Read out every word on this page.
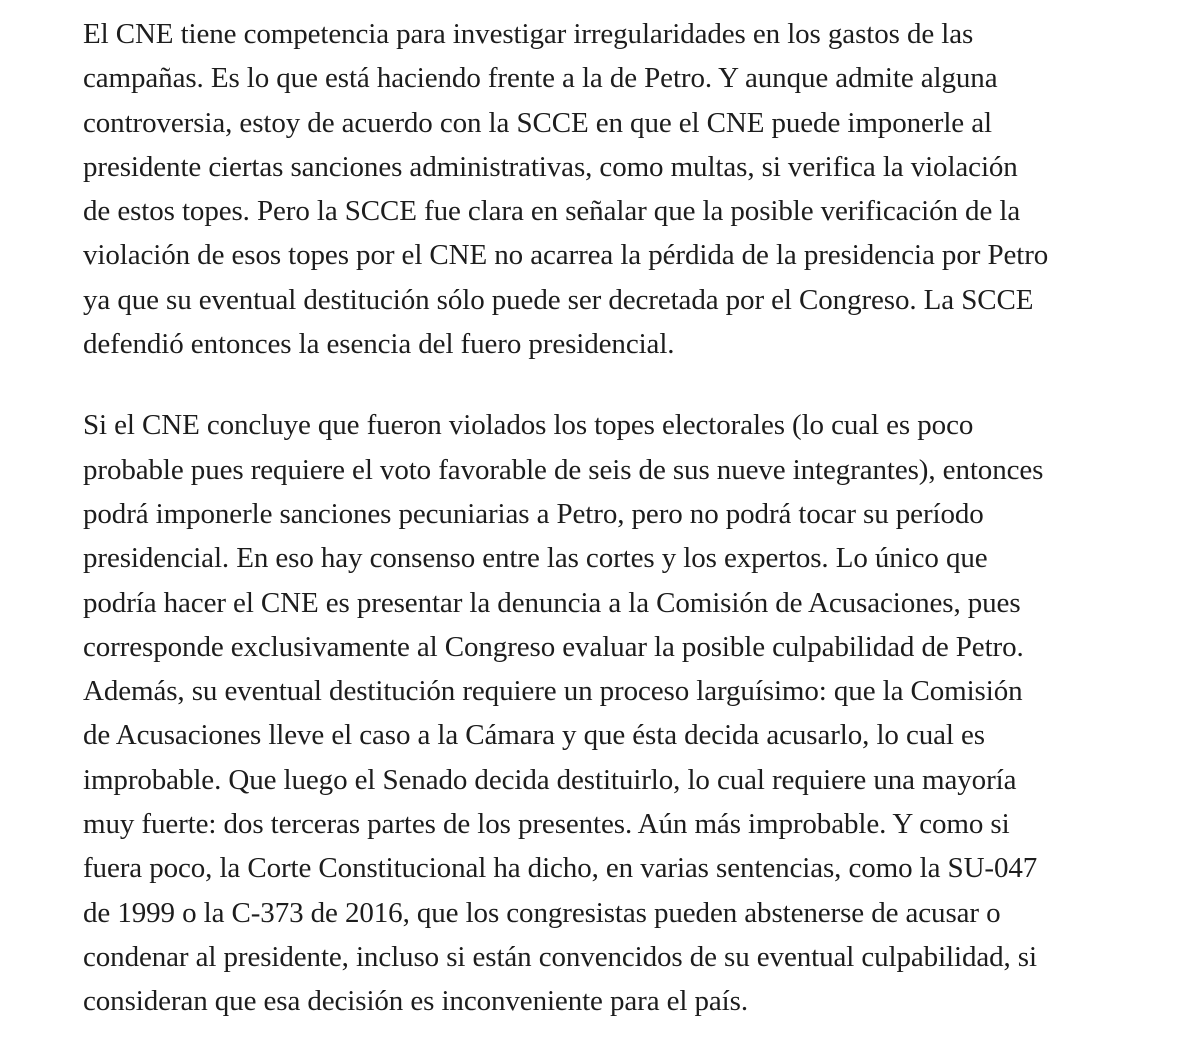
El CNE tiene competencia para investigar irregularidades en los gastos de las
campañas. Es lo que está haciendo frente a la de Petro. Y aunque admite alguna
controversia, estoy de acuerdo con la SCCE en que el CNE puede imponerle al
presidente ciertas sanciones administrativas, como multas, si verifica la violación
de estos topes. Pero la SCCE fue clara en señalar que la posible verificación de la
violación de esos topes por el CNE no acarrea la pérdida de la presidencia por Petro
ya que su eventual destitución sólo puede ser decretada por el Congreso. La SCCE
defendió entonces la esencia del fuero presidencial.

Si el CNE concluye que fueron violados los topes electorales (lo cual es poco
probable pues requiere el voto favorable de seis de sus nueve integrantes), entonces
podrá imponerle sanciones pecuniarias a Petro, pero no podrá tocar su período
presidencial. En eso hay consenso entre las cortes y los expertos. Lo único que
podría hacer el CNE es presentar la denuncia a la Comisión de Acusaciones, pues
corresponde exclusivamente al Congreso evaluar la posible culpabilidad de Petro.
Además, su eventual destitución requiere un proceso larguísimo: que la Comisión
de Acusaciones lleve el caso a la Cámara y que ésta decida acusarlo, lo cual es
improbable. Que luego el Senado decida destituirlo, lo cual requiere una mayoría
muy fuerte: dos terceras partes de los presentes. Aún más improbable. Y como si
fuera poco, la Corte Constitucional ha dicho, en varias sentencias, como la SU-047
de 1999 o la C-373 de 2016, que los congresistas pueden abstenerse de acusar o
condenar al presidente, incluso si están convencidos de su eventual culpabilidad, si
consideran que esa decisión es inconveniente para el país.
